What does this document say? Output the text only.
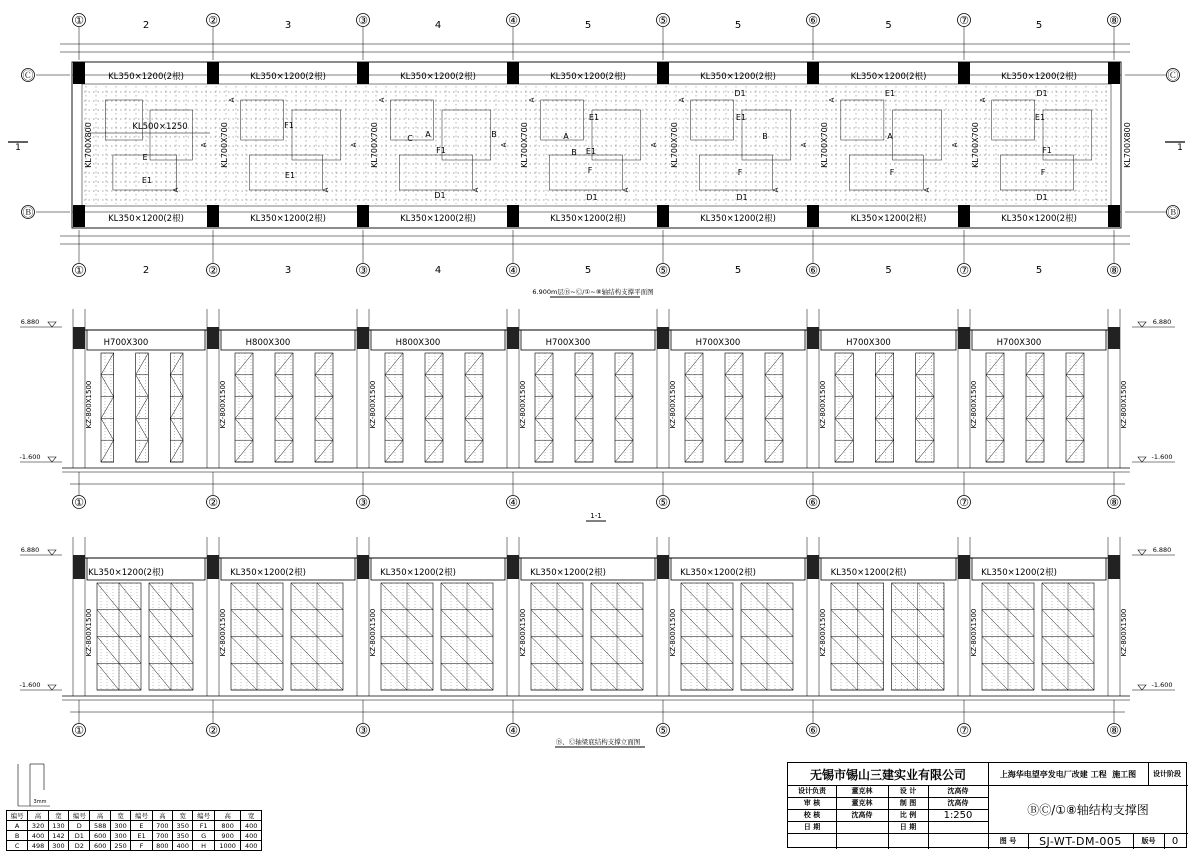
①
①
②
②
③
③
④
④
⑤
⑤
⑥
⑥
⑦
⑦
⑧
⑧
2
2
3
3
4
4
5
5
5
5
5
5
5
5
Ⓒ
Ⓑ
Ⓒ
Ⓑ
1	1
KL350×1200(2根)	KL350×1200(2根)	KL350×1200(2根)	KL350×1200(2根)	KL350×1200(2根)	KL350×1200(2根)	KL350×1200(2根)
KL350×1200(2根)	KL350×1200(2根)	KL350×1200(2根)	KL350×1200(2根)	KL350×1200(2根)	KL350×1200(2根)	KL350×1200(2根)
KL700X800	KL700X700	KL700X700	KL700X700	KL700X700	KL700X700	KL700X700	KL700X800
KL500×1250
E
E1
F1
E1
C A	B
F1
D1
E1
A
B E1
F
D1
D1
E1
B
F
D1
E1
A
F1
F
D1
E1
F
D1
A
A
A
A
A
A
A
A
A
A
A
A
A
A
A
A
A
A
6.900m层Ⓑ~Ⓒ/①~⑧轴结构支撑平面图
6.880	6.880
-1.600	-1.600
KZ-800X1500	KZ-800X1500	KZ-800X1500	KZ-800X1500	KZ-800X1500	KZ-800X1500	KZ-800X1500	KZ-800X1500
H700X300	H800X300	H800X300	H700X300	H700X300	H700X300	H700X300
①	②	③	④	⑤	⑥	⑦	⑧
1-1
6.880	6.880
-1.600	-1.600
KZ-800X1500	KZ-800X1500	KZ-800X1500	KZ-800X1500	KZ-800X1500	KZ-800X1500	KZ-800X1500	KZ-800X1500
KL350×1200(2根)	KL350×1200(2根)	KL350×1200(2根)	KL350×1200(2根)	KL350×1200(2根)	KL350×1200(2根)	KL350×1200(2根)
①	②	③	④	⑤	⑥	⑦	⑧
Ⓑ、Ⓒ轴梁底结构支撑立面图
3mm
编号	高	宽	编号	高	宽	编号	高	宽	编号	高	宽
A	320	130	D	588	300	E	700	350	F1	800	400
B	400	142	D1	600	300	E1	700	350	G	900	400
C	498	300	D2	600	250	F	800	400	H	1000	400
无锡市锡山三建实业有限公司	上海华电望亭发电厂改建
工程
施工图	设计阶段
设计负责	董克林	设 计	沈高侍
审 核	董克林	制 图	沈高侍
校 核	沈高侍	比 例	1:250
日 期	日 期
ⒷⒸ/①⑧轴结构支撑图
图 号	SJ-WT-DM-005	版号	0
